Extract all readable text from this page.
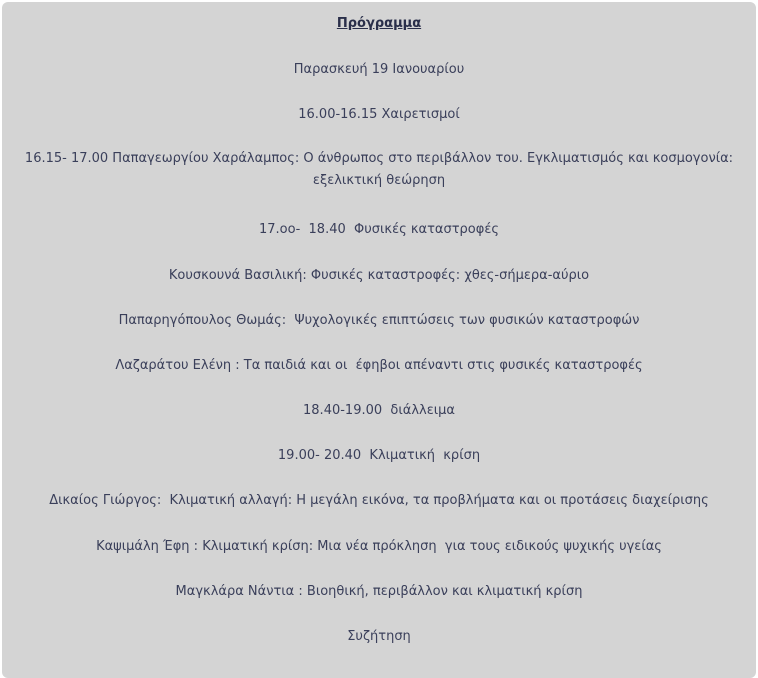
Πρόγραμμα
Παρασκευή 19 Ιανουαρίου
16.00-16.15 Χαιρετισμοί
16.15- 17.00 Παπαγεωργίου Χαράλαμπος: Ο άνθρωπος στο περιβάλλον του. Εγκλιματισμός και κοσμογονία: εξελικτική θεώρηση
17.οο-  18.40  Φυσικές καταστροφές
Κουσκουνά Βασιλική: Φυσικές καταστροφές: χθες-σήμερα-αύριο
Παπαρηγόπουλος Θωμάς:  Ψυχολογικές επιπτώσεις των φυσικών καταστροφών
Λαζαράτου Ελένη : Τα παιδιά και οι  έφηβοι απέναντι στις φυσικές καταστροφές
18.40-19.00  διάλλειμα
19.00- 20.40  Κλιματική  κρίση
Δικαίος Γιώργος:  Κλιματική αλλαγή: Η μεγάλη εικόνα, τα προβλήματα και οι προτάσεις διαχείρισης
Καψιμάλη Έφη : Κλιματική κρίση: Μια νέα πρόκληση  για τους ειδικούς ψυχικής υγείας
Μαγκλάρα Νάντια : Βιοηθική, περιβάλλον και κλιματική κρίση
Συζήτηση
